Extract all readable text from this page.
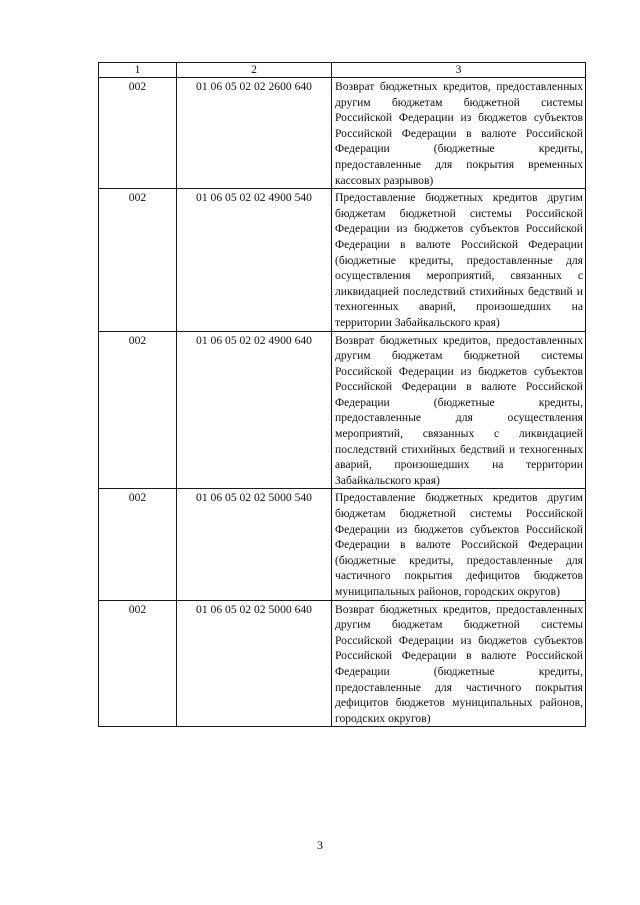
1	2	3
002	01 06 05 02 02 2600 640	Возврат бюджетных кредитов, предоставленных другим бюджетам бюджетной системы Российской Федерации из бюджетов субъектов Российской Федерации в валюте Российской Федерации (бюджетные кредиты, предоставленные для покрытия временных кассовых разрывов)
002	01 06 05 02 02 4900 540	Предоставление бюджетных кредитов другим бюджетам бюджетной системы Российской Федерации из бюджетов субъектов Российской Федерации в валюте Российской Федерации (бюджетные кредиты, предоставленные для осуществления мероприятий, связанных с ликвидацией последствий стихийных бедствий и техногенных аварий, произошедших на территории Забайкальского края)
002	01 06 05 02 02 4900 640	Возврат бюджетных кредитов, предоставленных другим бюджетам бюджетной системы Российской Федерации из бюджетов субъектов Российской Федерации в валюте Российской Федерации (бюджетные кредиты, предоставленные для осуществления мероприятий, связанных с ликвидацией последствий стихийных бедствий и техногенных аварий, произошедших на территории Забайкальского края)
002	01 06 05 02 02 5000 540	Предоставление бюджетных кредитов другим бюджетам бюджетной системы Российской Федерации из бюджетов субъектов Российской Федерации в валюте Российской Федерации (бюджетные кредиты, предоставленные для частичного покрытия дефицитов бюджетов муниципальных районов, городских округов)
002	01 06 05 02 02 5000 640	Возврат бюджетных кредитов, предоставленных другим бюджетам бюджетной системы Российской Федерации из бюджетов субъектов Российской Федерации в валюте Российской Федерации (бюджетные кредиты, предоставленные для частичного покрытия дефицитов бюджетов муниципальных районов, городских округов)
3
